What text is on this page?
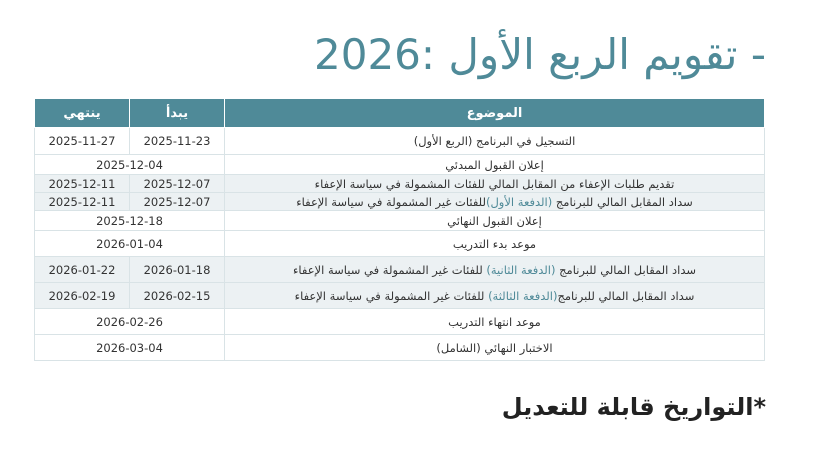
- تقويم الربع الأول 2026:
الموضوع	يبدأ	ينتهي
التسجيل في البرنامج (الربع الأول)	2025-11-23	2025-11-27
إعلان القبول المبدئي	2025-12-04	
تقديم طلبات الإعفاء من المقابل المالي للفئات المشمولة في سياسة الإعفاء	2025-12-07	2025-12-11
سداد المقابل المالي للبرنامج (الدفعة الأول)للفئات غير المشمولة في سياسة الإعفاء	2025-12-07	2025-12-11
إعلان القبول النهائي	2025-12-18	
موعد بدء التدريب	2026-01-04	
سداد المقابل المالي للبرنامج (الدفعة الثانية) للفئات غير المشمولة في سياسة الإعفاء	2026-01-18	2026-01-22
سداد المقابل المالي للبرنامج(الدفعة الثالثة) للفئات غير المشمولة في سياسة الإعفاء	2026-02-15	2026-02-19
موعد انتهاء التدريب	2026-02-26	
الاختبار النهائي (الشامل)	2026-03-04	
*التواريخ قابلة للتعديل
